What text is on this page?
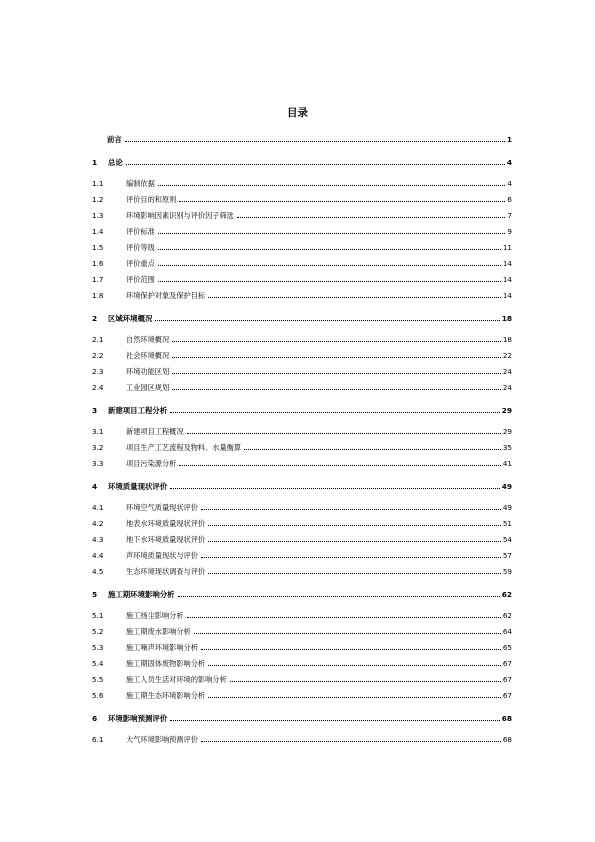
目录
前言	1
1	总论	4
1.1	编制依据	4
1.2	评价目的和原则	6
1.3	环境影响因素识别与评价因子筛选	7
1.4	评价标准	9
1.5	评价等级	11
1.6	评价重点	14
1.7	评价范围	14
1.8	环境保护对象及保护目标	14
2	区域环境概况	18
2.1	自然环境概况	18
2.2	社会环境概况	22
2.3	环境功能区划	24
2.4	工业园区规划	24
3	新建项目工程分析	29
3.1	新建项目工程概况	29
3.2	项目生产工艺流程及物料、水量衡算	35
3.3	项目污染源分析	41
4	环境质量现状评价	49
4.1	环境空气质量现状评价	49
4.2	地表水环境质量现状评价	51
4.3	地下水环境质量现状评价	54
4.4	声环境质量现状与评价	57
4.5	生态环境现状调查与评价	59
5	施工期环境影响分析	62
5.1	施工扬尘影响分析	62
5.2	施工期废水影响分析	64
5.3	施工噪声环境影响分析	65
5.4	施工期固体废物影响分析	67
5.5	施工人员生活对环境的影响分析	67
5.6	施工期生态环境影响分析	67
6	环境影响预测评价	68
6.1	大气环境影响预测评价	68
